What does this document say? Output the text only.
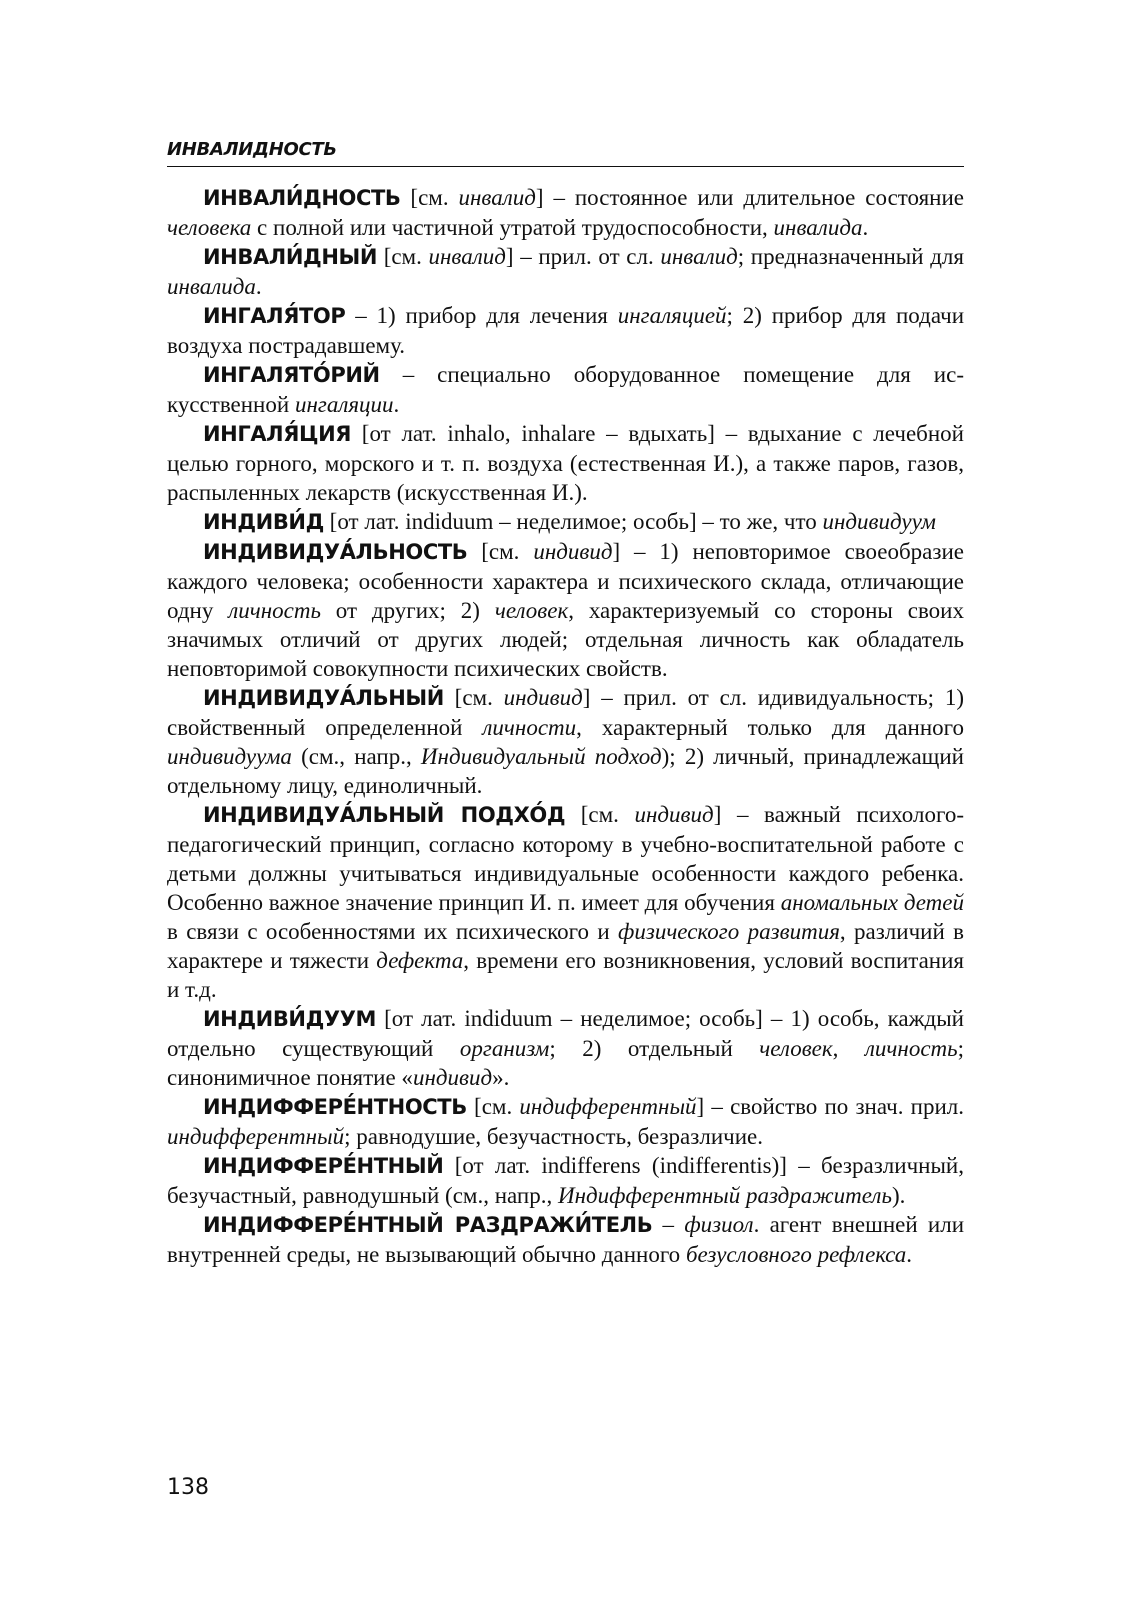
ИНВАЛИДНОСТЬ

ИНВАЛИ́ДНОСТЬ [см. инвалид] – постоянное или длительное состояние человека с полной или частичной утратой трудоспособности, инвалида.

ИНВАЛИ́ДНЫЙ [см. инвалид] – прил. от сл. инвалид; предназначенный для инвалида.

ИНГАЛЯ́ТОР – 1) прибор для лечения ингаляцией; 2) прибор для подачи воздуха пострадавшему.

ИНГАЛЯТО́РИЙ – специально оборудованное помещение для искусственной ингаляции.

ИНГАЛЯ́ЦИЯ [от лат. inhalo, inhalare – вдыхать] – вдыхание с лечебной целью горного, морского и т. п. воздуха (естественная И.), а также паров, газов, распыленных лекарств (искусственная И.).

ИНДИВИ́Д [от лат. indiduum – неделимое; особь] – то же, что индивидуум

ИНДИВИДУА́ЛЬНОСТЬ [см. индивид] – 1) неповторимое своеобразие каждого человека; особенности характера и психического склада, отличающие одну личность от других; 2) человек, характеризуемый со стороны своих значимых отличий от других людей; отдельная личность как обладатель неповторимой совокупности психических свойств.

ИНДИВИДУА́ЛЬНЫЙ [см. индивид] – прил. от сл. идивидуальность; 1) свойственный определенной личности, характерный только для данного индивидуума (см., напр., Индивидуальный подход); 2) личный, принадлежащий отдельному лицу, единоличный.

ИНДИВИДУА́ЛЬНЫЙ ПОДХО́Д [см. индивид] – важный психолого-педагогический принцип, согласно которому в учебно-воспитательной работе с детьми должны учитываться индивидуальные особенности каждого ребенка. Особенно важное значение принцип И. п. имеет для обучения аномальных детей в связи с особенностями их психического и физического развития, различий в характере и тяжести дефекта, времени его возникновения, условий воспитания и т.д.

ИНДИВИ́ДУУМ [от лат. indiduum – неделимое; особь] – 1) особь, каждый отдельно существующий организм; 2) отдельный человек, личность; синонимичное понятие «индивид».

ИНДИФФЕРЕ́НТНОСТЬ [см. индифферентный] – свойство по знач. прил. индифферентный; равнодушие, безучастность, безразличие.

ИНДИФФЕРЕ́НТНЫЙ [от лат. indifferens (indifferentis)] – безразличный, безучастный, равнодушный (см., напр., Индифферентный раздражитель).

ИНДИФФЕРЕ́НТНЫЙ РАЗДРАЖИ́ТЕЛЬ – физиол. агент внешней или внутренней среды, не вызывающий обычно данного безусловного рефлекса.

138
